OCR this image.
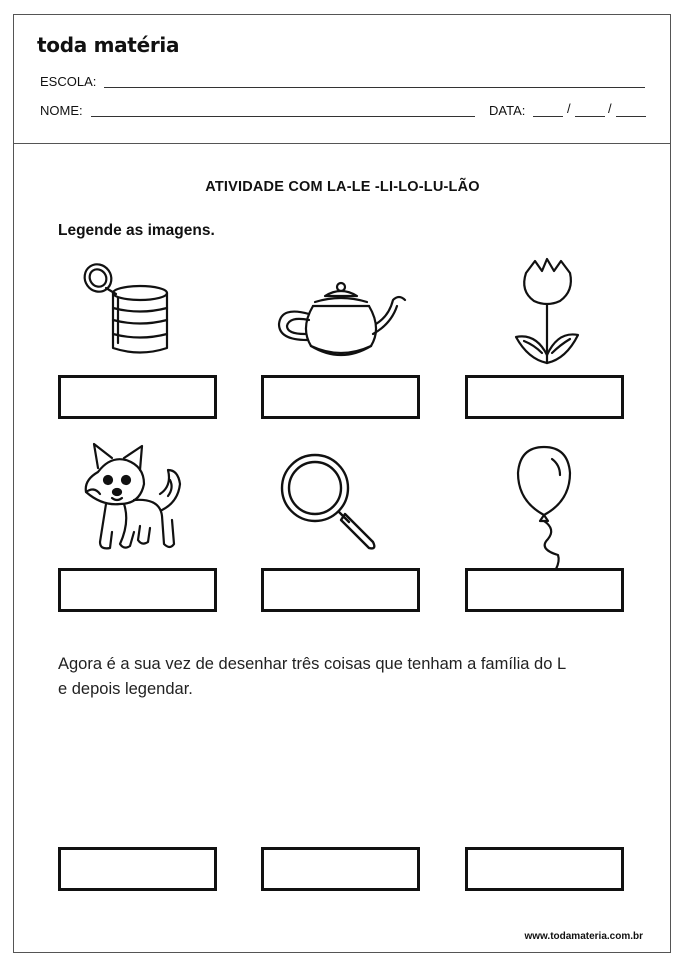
toda matéria
ESCOLA:
NOME:	DATA:	/	/
ATIVIDADE COM LA-LE -LI-LO-LU-LÃO
Legende as imagens.
Agora é a sua vez de desenhar três coisas que tenham a família do L
e depois legendar.
www.todamateria.com.br
